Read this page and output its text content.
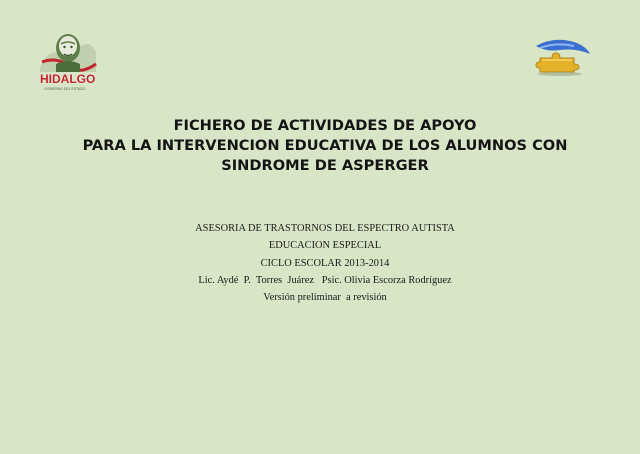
HIDALGO
GOBIERNO DEL ESTADO
FICHERO DE ACTIVIDADES DE APOYO
PARA LA INTERVENCION EDUCATIVA DE LOS ALUMNOS CON
SINDROME DE ASPERGER
ASESORIA DE TRASTORNOS DEL ESPECTRO AUTISTA
EDUCACION ESPECIAL
CICLO ESCOLAR 2013-2014
Lic. Aydé  P.  Torres  Juárez   Psic. Olivia Escorza Rodríguez
Versión preliminar  a revisión
